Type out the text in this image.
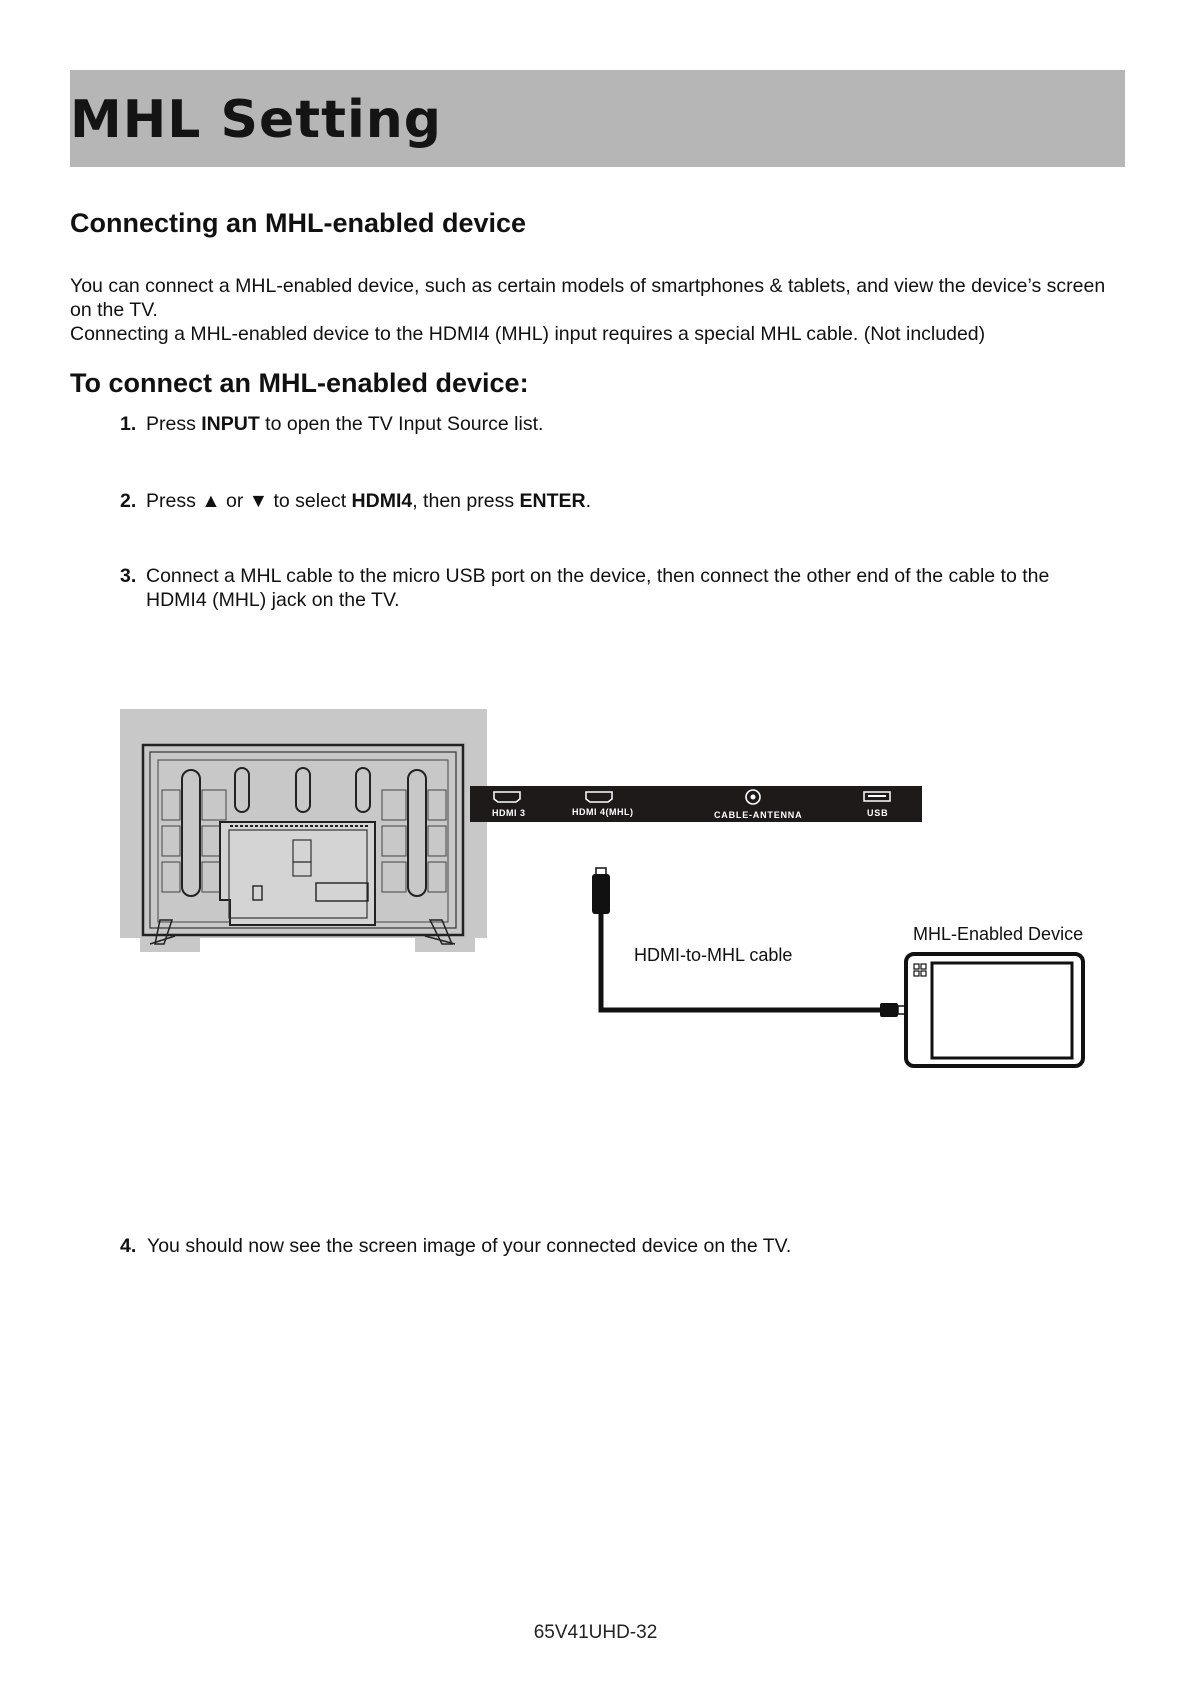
MHL Setting
Connecting an MHL-enabled device

You can connect a MHL-enabled device, such as certain models of smartphones & tablets, and view the device’s screen on the TV.

Connecting a MHL-enabled device to the HDMI4 (MHL) input requires a special MHL cable. (Not included)

To connect an MHL-enabled device:
1. Press INPUT to open the TV Input Source list.
2. Press ▲ or ▼ to select HDMI4, then press ENTER.
3. Connect a MHL cable to the micro USB port on the device, then connect the other end of the cable to the HDMI4 (MHL) jack on the TV.
HDMI 3	HDMI 4(MHL)	CABLE-ANTENNA	USB
HDMI-to-MHL cable
MHL-Enabled Device
4. You should now see the screen image of your connected device on the TV.
65V41UHD-32
